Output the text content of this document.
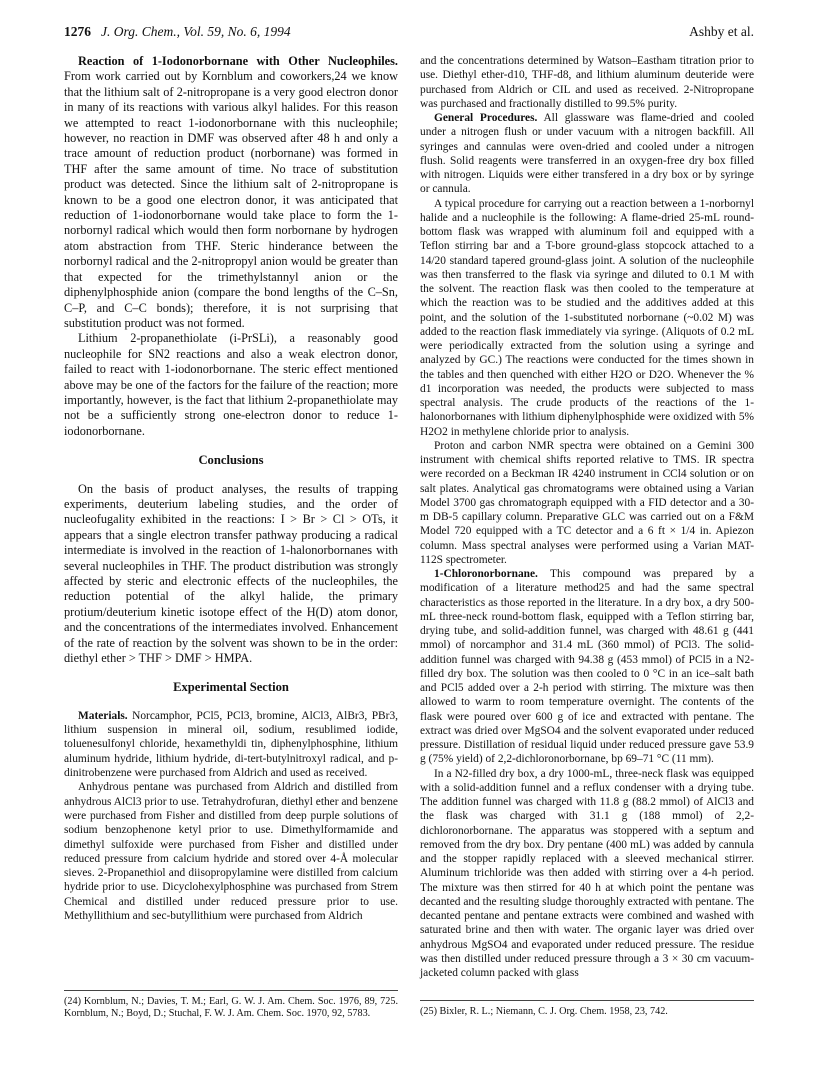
1276 J. Org. Chem., Vol. 59, No. 6, 1994	Ashby et al.

Reaction of 1-Iodonorbornane with Other Nucleophiles. From work carried out by Kornblum and coworkers,24 we know that the lithium salt of 2-nitropropane is a very good electron donor in many of its reactions with various alkyl halides. For this reason we attempted to react 1-iodonorbornane with this nucleophile; however, no reaction in DMF was observed after 48 h and only a trace amount of reduction product (norbornane) was formed in THF after the same amount of time. No trace of substitution product was detected. Since the lithium salt of 2-nitropropane is known to be a good one electron donor, it was anticipated that reduction of 1-iodonorbornane would take place to form the 1-norbornyl radical which would then form norbornane by hydrogen atom abstraction from THF. Steric hinderance between the norbornyl radical and the 2-nitropropyl anion would be greater than that expected for the trimethylstannyl anion or the diphenylphosphide anion (compare the bond lengths of the C–Sn, C–P, and C–C bonds); therefore, it is not surprising that substitution product was not formed.

Lithium 2-propanethiolate (i-PrSLi), a reasonably good nucleophile for SN2 reactions and also a weak electron donor, failed to react with 1-iodonorbornane. The steric effect mentioned above may be one of the factors for the failure of the reaction; more importantly, however, is the fact that lithium 2-propanethiolate may not be a sufficiently strong one-electron donor to reduce 1-iodonorbornane.

Conclusions

On the basis of product analyses, the results of trapping experiments, deuterium labeling studies, and the order of nucleofugality exhibited in the reactions: I > Br > Cl > OTs, it appears that a single electron transfer pathway producing a radical intermediate is involved in the reaction of 1-halonorbornanes with several nucleophiles in THF. The product distribution was strongly affected by steric and electronic effects of the nucleophiles, the reduction potential of the alkyl halide, the primary protium/deuterium kinetic isotope effect of the H(D) atom donor, and the concentrations of the intermediates involved. Enhancement of the rate of reaction by the solvent was shown to be in the order: diethyl ether > THF > DMF > HMPA.

Experimental Section

Materials. Norcamphor, PCl5, PCl3, bromine, AlCl3, AlBr3, PBr3, lithium suspension in mineral oil, sodium, resublimed iodide, toluenesulfonyl chloride, hexamethyldi tin, diphenylphosphine, lithium aluminum hydride, lithium hydride, di-tert-butylnitroxyl radical, and p-dinitrobenzene were purchased from Aldrich and used as received.

Anhydrous pentane was purchased from Aldrich and distilled from anhydrous AlCl3 prior to use. Tetrahydrofuran, diethyl ether and benzene were purchased from Fisher and distilled from deep purple solutions of sodium benzophenone ketyl prior to use. Dimethylformamide and dimethyl sulfoxide were purchased from Fisher and distilled under reduced pressure from calcium hydride and stored over 4-Å molecular sieves. 2-Propanethiol and diisopropylamine were distilled from calcium hydride prior to use. Dicyclohexylphosphine was purchased from Strem Chemical and distilled under reduced pressure prior to use. Methyllithium and sec-butyllithium were purchased from Aldrich

(24) Kornblum, N.; Davies, T. M.; Earl, G. W. J. Am. Chem. Soc. 1976, 89, 725. Kornblum, N.; Boyd, D.; Stuchal, F. W. J. Am. Chem. Soc. 1970, 92, 5783.

and the concentrations determined by Watson–Eastham titration prior to use. Diethyl ether-d10, THF-d8, and lithium aluminum deuteride were purchased from Aldrich or CIL and used as received. 2-Nitropropane was purchased and fractionally distilled to 99.5% purity.

General Procedures. All glassware was flame-dried and cooled under a nitrogen flush or under vacuum with a nitrogen backfill. All syringes and cannulas were oven-dried and cooled under a nitrogen flush. Solid reagents were transferred in an oxygen-free dry box filled with nitrogen. Liquids were either transfered in a dry box or by syringe or cannula.

A typical procedure for carrying out a reaction between a 1-norbornyl halide and a nucleophile is the following: A flame-dried 25-mL round-bottom flask was wrapped with aluminum foil and equipped with a Teflon stirring bar and a T-bore ground-glass stopcock attached to a 14/20 standard tapered ground-glass joint. A solution of the nucleophile was then transferred to the flask via syringe and diluted to 0.1 M with the solvent. The reaction flask was then cooled to the temperature at which the reaction was to be studied and the additives added at this point, and the solution of the 1-substituted norbornane (~0.02 M) was added to the reaction flask immediately via syringe. (Aliquots of 0.2 mL were periodically extracted from the solution using a syringe and analyzed by GC.) The reactions were conducted for the times shown in the tables and then quenched with either H2O or D2O. Whenever the % d1 incorporation was needed, the products were subjected to mass spectral analysis. The crude products of the reactions of the 1-halonorbornanes with lithium diphenylphosphide were oxidized with 5% H2O2 in methylene chloride prior to analysis.

Proton and carbon NMR spectra were obtained on a Gemini 300 instrument with chemical shifts reported relative to TMS. IR spectra were recorded on a Beckman IR 4240 instrument in CCl4 solution or on salt plates. Analytical gas chromatograms were obtained using a Varian Model 3700 gas chromatograph equipped with a FID detector and a 30-m DB-5 capillary column. Preparative GLC was carried out on a F&M Model 720 equipped with a TC detector and a 6 ft × 1/4 in. Apiezon column. Mass spectral analyses were performed using a Varian MAT-112S spectrometer.

1-Chloronorbornane. This compound was prepared by a modification of a literature method25 and had the same spectral characteristics as those reported in the literature. In a dry box, a dry 500-mL three-neck round-bottom flask, equipped with a Teflon stirring bar, drying tube, and solid-addition funnel, was charged with 48.61 g (441 mmol) of norcamphor and 31.4 mL (360 mmol) of PCl3. The solid-addition funnel was charged with 94.38 g (453 mmol) of PCl5 in a N2-filled dry box. The solution was then cooled to 0 °C in an ice–salt bath and PCl5 added over a 2-h period with stirring. The mixture was then allowed to warm to room temperature overnight. The contents of the flask were poured over 600 g of ice and extracted with pentane. The extract was dried over MgSO4 and the solvent evaporated under reduced pressure. Distillation of residual liquid under reduced pressure gave 53.9 g (75% yield) of 2,2-dichloronorbornane, bp 69–71 °C (11 mm).

In a N2-filled dry box, a dry 1000-mL, three-neck flask was equipped with a solid-addition funnel and a reflux condenser with a drying tube. The addition funnel was charged with 11.8 g (88.2 mmol) of AlCl3 and the flask was charged with 31.1 g (188 mmol) of 2,2-dichloronorbornane. The apparatus was stoppered with a septum and removed from the dry box. Dry pentane (400 mL) was added by cannula and the stopper rapidly replaced with a sleeved mechanical stirrer. Aluminum trichloride was then added with stirring over a 4-h period. The mixture was then stirred for 40 h at which point the pentane was decanted and the resulting sludge thoroughly extracted with pentane. The decanted pentane and pentane extracts were combined and washed with saturated brine and then with water. The organic layer was dried over anhydrous MgSO4 and evaporated under reduced pressure. The residue was then distilled under reduced pressure through a 3 × 30 cm vacuum-jacketed column packed with glass

(25) Bixler, R. L.; Niemann, C. J. Org. Chem. 1958, 23, 742.
